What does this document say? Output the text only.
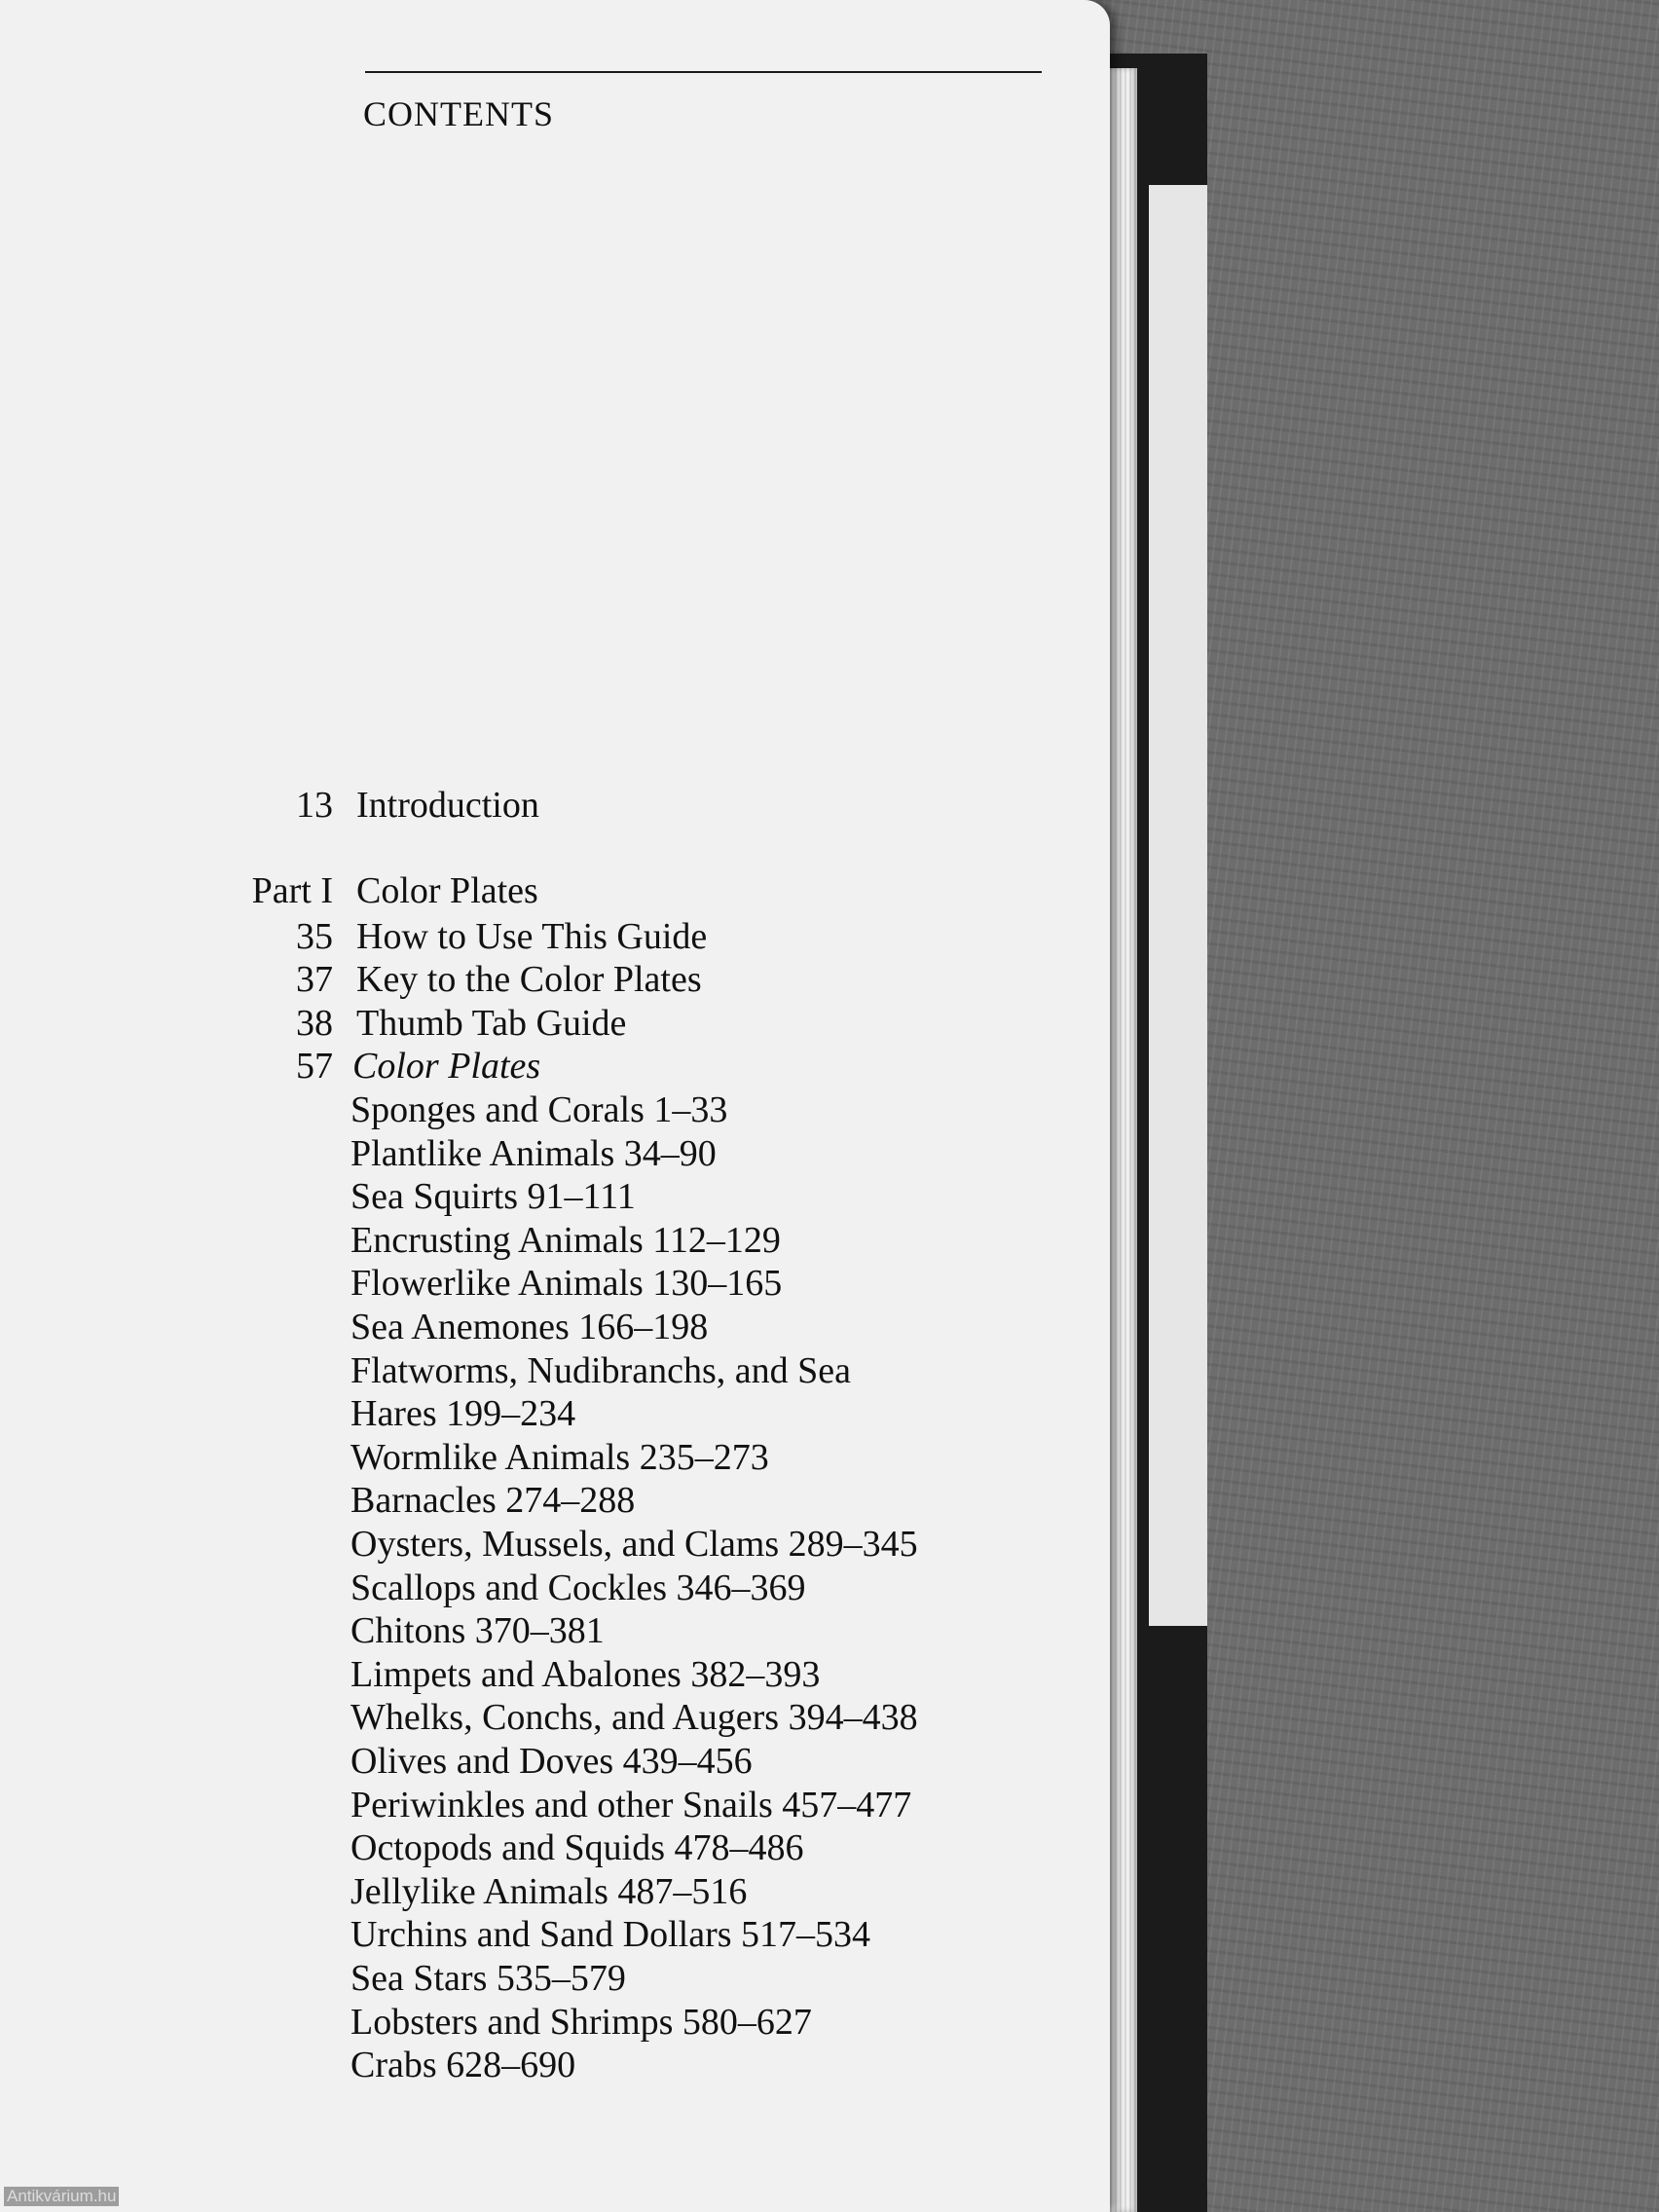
CONTENTS
13 Introduction
Part I Color Plates
35 How to Use This Guide
37 Key to the Color Plates
38 Thumb Tab Guide
57 Color Plates
Sponges and Corals 1–33
Plantlike Animals 34–90
Sea Squirts 91–111
Encrusting Animals 112–129
Flowerlike Animals 130–165
Sea Anemones 166–198
Flatworms, Nudibranchs, and Sea
Hares 199–234
Wormlike Animals 235–273
Barnacles 274–288
Oysters, Mussels, and Clams 289–345
Scallops and Cockles 346–369
Chitons 370–381
Limpets and Abalones 382–393
Whelks, Conchs, and Augers 394–438
Olives and Doves 439–456
Periwinkles and other Snails 457–477
Octopods and Squids 478–486
Jellylike Animals 487–516
Urchins and Sand Dollars 517–534
Sea Stars 535–579
Lobsters and Shrimps 580–627
Crabs 628–690
Antikvárium.hu
